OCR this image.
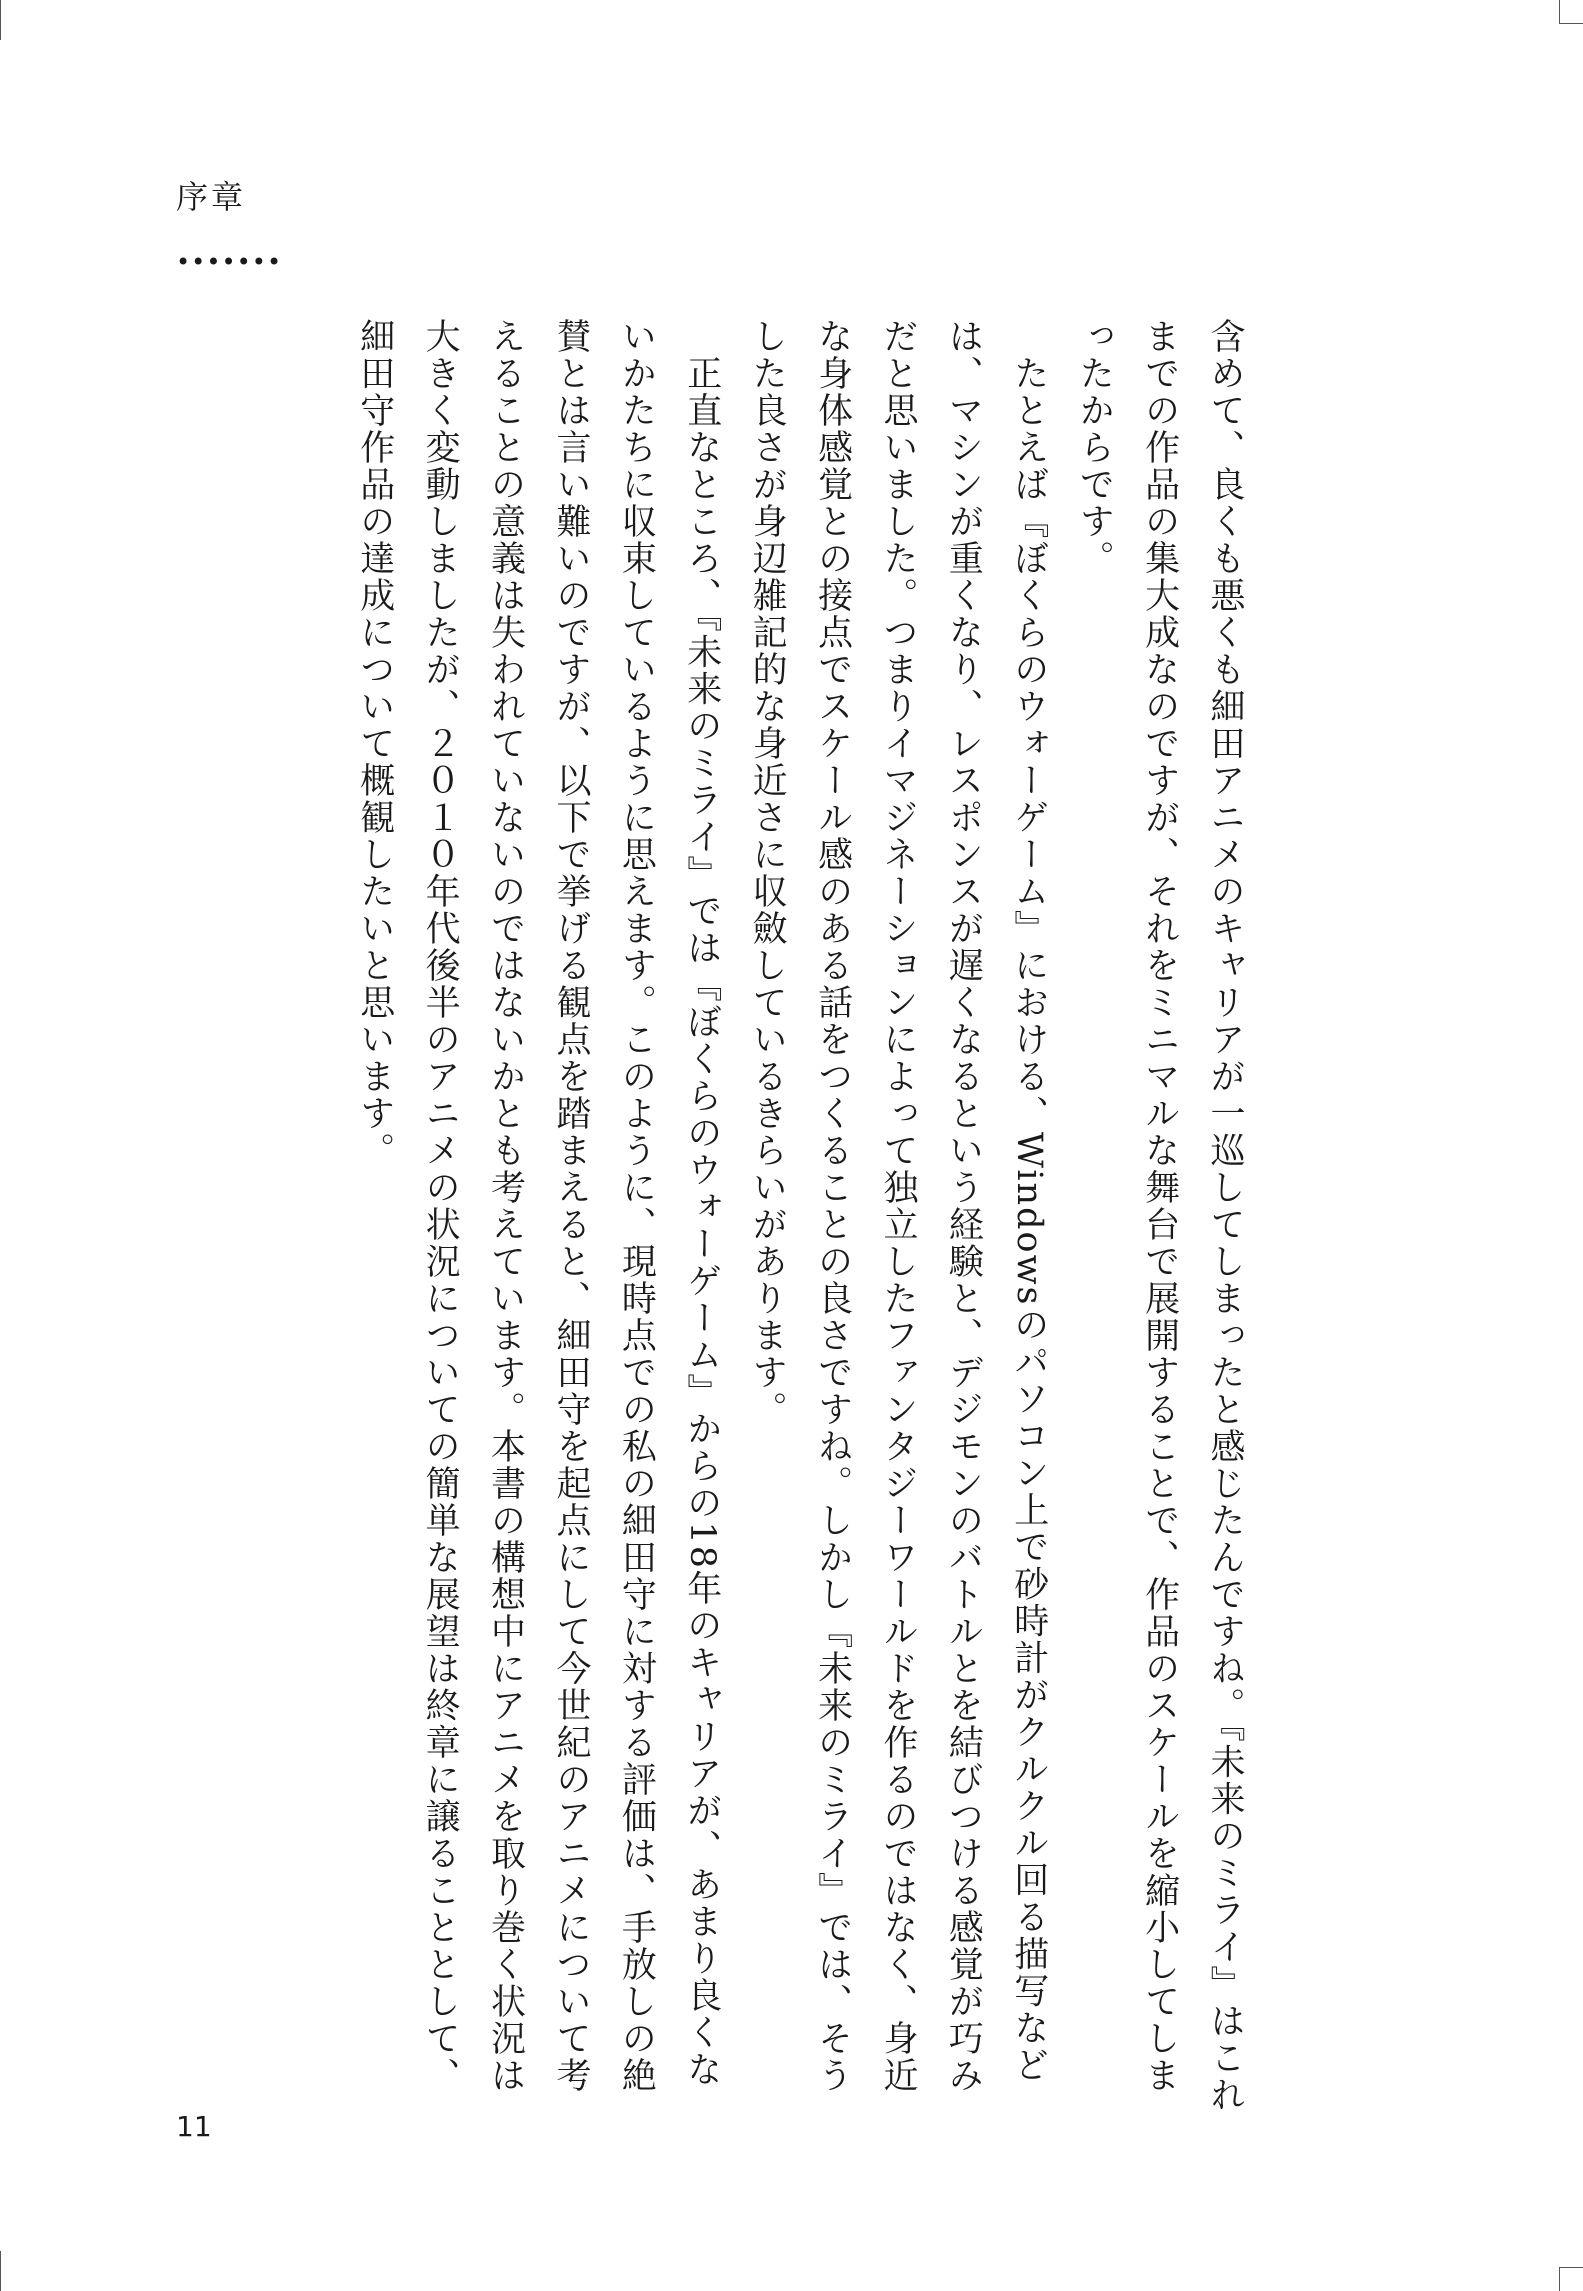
序章
•••••••

含めて、良くも悪くも細田アニメのキャリアが一巡してしまったと感じたんですね。『未来のミライ』はこれまでの作品の集大成なのですが、それをミニマルな舞台で展開することで、作品のスケールを縮小してしまったからです。

　たとえば『ぼくらのウォーゲーム』における、Windowsのパソコン上で砂時計がクルクル回る描写などは、マシンが重くなり、レスポンスが遅くなるという経験と、デジモンのバトルとを結びつける感覚が巧みだと思いました。つまりイマジネーションによって独立したファンタジーワールドを作るのではなく、身近な身体感覚との接点でスケール感のある話をつくることの良さですね。しかし『未来のミライ』では、そうした良さが身辺雑記的な身近さに収斂しているきらいがあります。

　正直なところ、『未来のミライ』では『ぼくらのウォーゲーム』からの18年のキャリアが、あまり良くないかたちに収束しているように思えます。このように、現時点での私の細田守に対する評価は、手放しの絶賛とは言い難いのですが、以下で挙げる観点を踏まえると、細田守を起点にして今世紀のアニメについて考えることの意義は失われていないのではないかとも考えています。本書の構想中にアニメを取り巻く状況は大きく変動しましたが、２０１０年代後半のアニメの状況についての簡単な展望は終章に譲ることとして、細田守作品の達成について概観したいと思います。

11
